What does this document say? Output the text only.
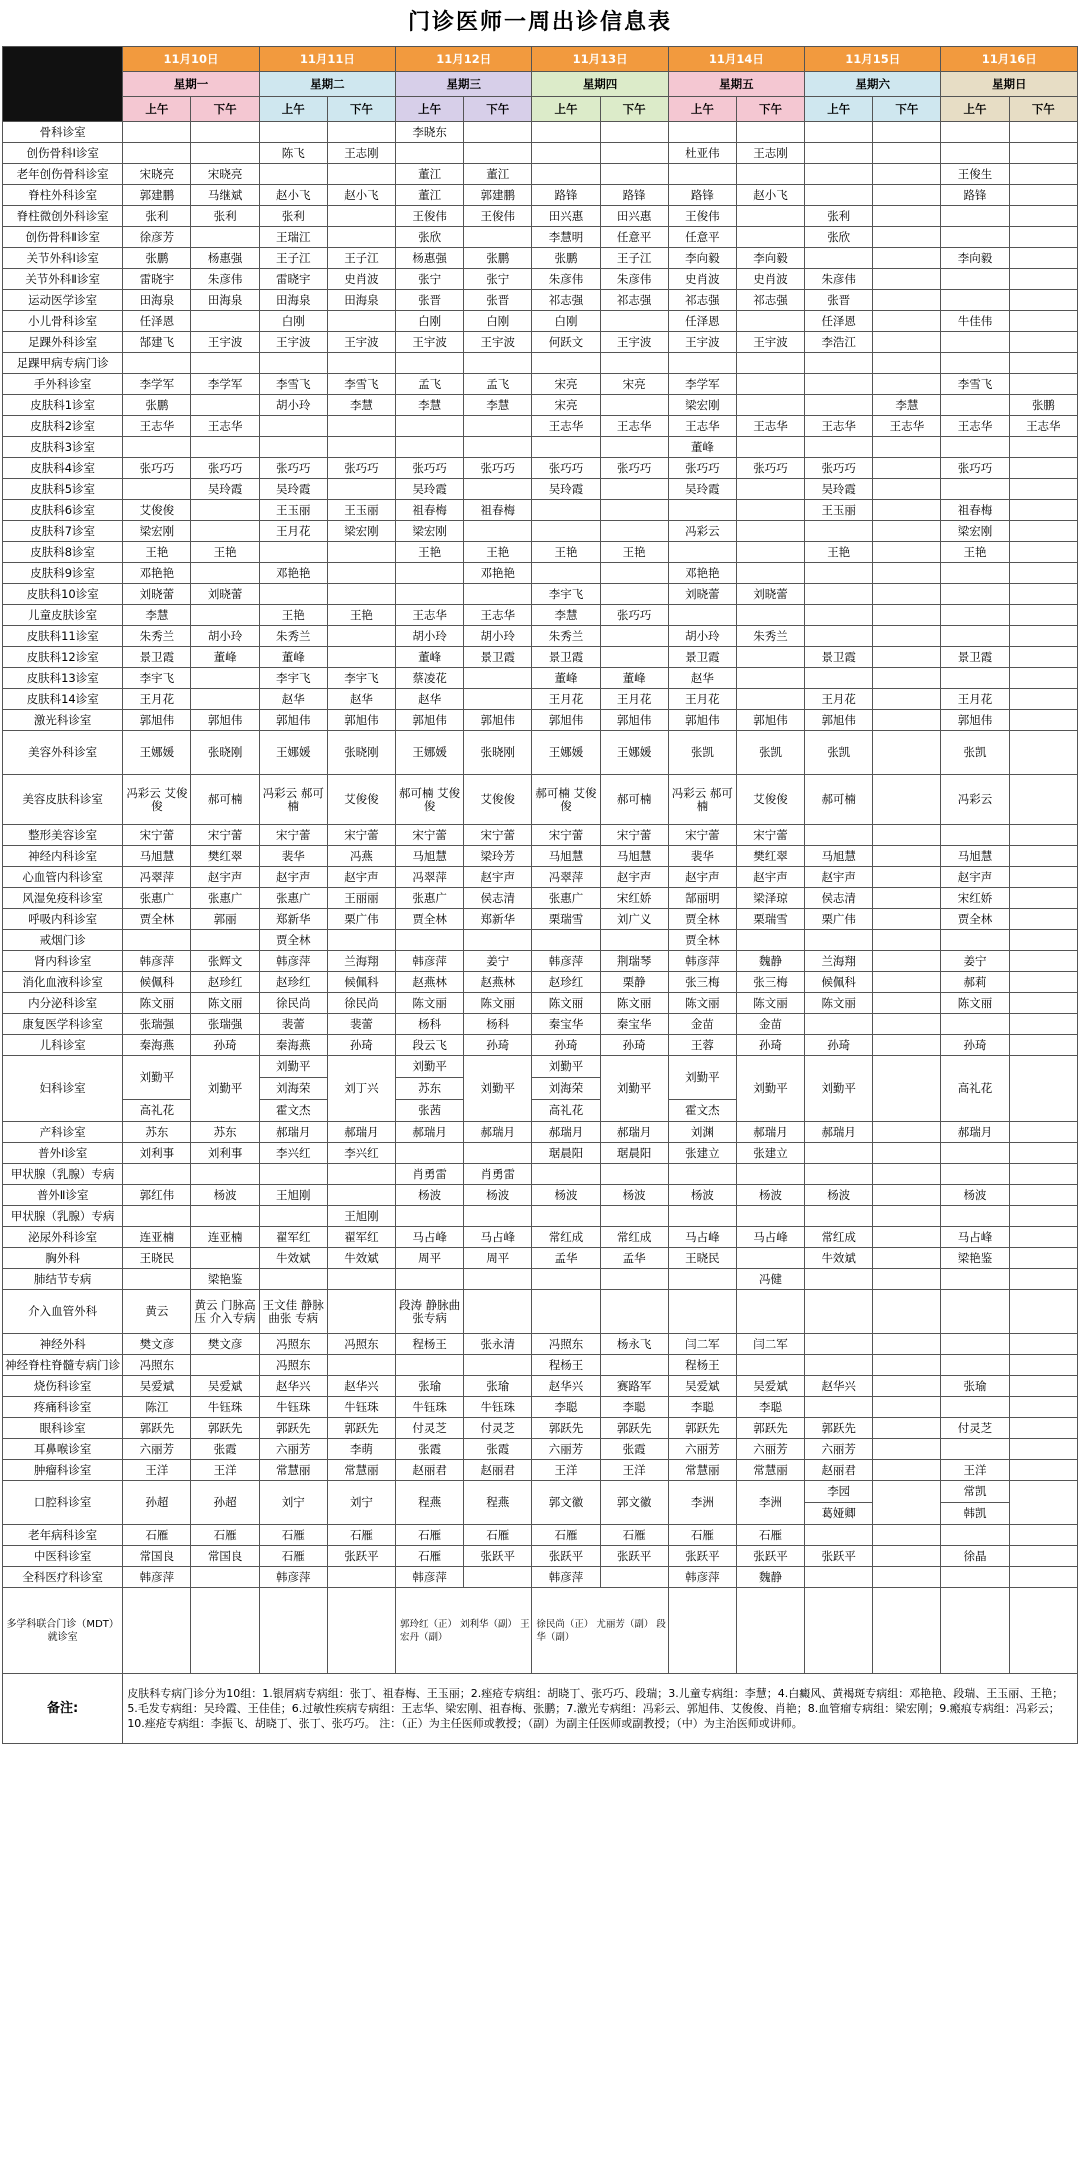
门诊医师一周出诊信息表
	11月10日		11月11日		11月12日		11月13日		11月14日		11月15日		11月16日	
	星期一		星期二		星期三		星期四		星期五		星期六		星期日	
	上午	下午	上午	下午	上午	下午	上午	下午	上午	下午	上午	下午	上午	下午
骨科诊室					李晓东									
创伤骨科Ⅰ诊室			陈飞	王志刚					杜亚伟	王志刚				
老年创伤骨科诊室	宋晓亮	宋晓亮			董江	董江							王俊生	
脊柱外科诊室	郭建鹏	马继斌	赵小飞	赵小飞	董江	郭建鹏	路锋	路锋	路锋	赵小飞			路锋	
脊柱微创外科诊室	张利	张利	张利		王俊伟	王俊伟	田兴惠	田兴惠	王俊伟		张利			
创伤骨科Ⅱ诊室	徐彦芳		王瑞江		张欣		李慧明	任意平	任意平		张欣			
关节外科Ⅰ诊室	张鹏	杨惠强	王子江	王子江	杨惠强	张鹏	张鹏	王子江	李向毅	李向毅			李向毅	
关节外科Ⅱ诊室	雷晓宇	朱彦伟	雷晓宇	史肖波	张宁	张宁	朱彦伟	朱彦伟	史肖波	史肖波	朱彦伟			
运动医学诊室	田海泉	田海泉	田海泉	田海泉	张晋	张晋	祁志强	祁志强	祁志强	祁志强	张晋			
小儿骨科诊室	任泽恩		白刚		白刚	白刚	白刚		任泽恩		任泽恩		牛佳伟	
足踝外科诊室	郜建飞	王宇波	王宇波	王宇波	王宇波	王宇波	何跃文	王宇波	王宇波	王宇波	李浩江			
足踝甲病专病门诊														
手外科诊室	李学军	李学军	李雪飞	李雪飞	孟飞	孟飞	宋亮	宋亮	李学军				李雪飞	
皮肤科1诊室	张鹏		胡小玲	李慧	李慧	李慧	宋亮		梁宏刚			李慧		张鹏
皮肤科2诊室	王志华	王志华					王志华	王志华	王志华	王志华	王志华	王志华	王志华	王志华
皮肤科3诊室									董峰					
皮肤科4诊室	张巧巧	张巧巧	张巧巧	张巧巧	张巧巧	张巧巧	张巧巧	张巧巧	张巧巧	张巧巧	张巧巧		张巧巧	
皮肤科5诊室		吴玲霞	吴玲霞		吴玲霞		吴玲霞		吴玲霞		吴玲霞			
皮肤科6诊室	艾俊俊		王玉丽	王玉丽	祖春梅	祖春梅					王玉丽		祖春梅	
皮肤科7诊室	梁宏刚		王月花	梁宏刚	梁宏刚				冯彩云				梁宏刚	
皮肤科8诊室	王艳	王艳			王艳	王艳	王艳	王艳			王艳		王艳	
皮肤科9诊室	邓艳艳		邓艳艳			邓艳艳			邓艳艳					
皮肤科10诊室	刘晓蕾	刘晓蕾					李宇飞		刘晓蕾	刘晓蕾				
儿童皮肤诊室	李慧		王艳	王艳	王志华	王志华	李慧	张巧巧						
皮肤科11诊室	朱秀兰	胡小玲	朱秀兰		胡小玲	胡小玲	朱秀兰		胡小玲	朱秀兰				
皮肤科12诊室	景卫霞	董峰	董峰		董峰	景卫霞	景卫霞		景卫霞		景卫霞		景卫霞	
皮肤科13诊室	李宇飞		李宇飞	李宇飞	蔡凌花		董峰	董峰	赵华					
皮肤科14诊室	王月花		赵华	赵华	赵华		王月花	王月花	王月花		王月花		王月花	
激光科诊室	郭旭伟	郭旭伟	郭旭伟	郭旭伟	郭旭伟	郭旭伟	郭旭伟	郭旭伟	郭旭伟	郭旭伟	郭旭伟		郭旭伟	
美容外科诊室	王娜媛	张晓刚	王娜媛	张晓刚	王娜媛	张晓刚	王娜媛	王娜媛	张凯	张凯	张凯		张凯	
美容皮肤科诊室	冯彩云 艾俊俊	郝可楠	冯彩云 郝可楠	艾俊俊	郝可楠 艾俊俊	艾俊俊	郝可楠 艾俊俊	郝可楠	冯彩云 郝可楠	艾俊俊	郝可楠		冯彩云	
整形美容诊室	宋宁蕾	宋宁蕾	宋宁蕾	宋宁蕾	宋宁蕾	宋宁蕾	宋宁蕾	宋宁蕾	宋宁蕾	宋宁蕾				
神经内科诊室	马旭慧	樊红翠	裴华	冯燕	马旭慧	梁玲芳	马旭慧	马旭慧	裴华	樊红翠	马旭慧		马旭慧	
心血管内科诊室	冯翠萍	赵宇声	赵宇声	赵宇声	冯翠萍	赵宇声	冯翠萍	赵宇声	赵宇声	赵宇声	赵宇声		赵宇声	
风湿免疫科诊室	张惠广	张惠广	张惠广	王丽丽	张惠广	侯志清	张惠广	宋红娇	郜丽明	梁泽琼	侯志清		宋红娇	
呼吸内科诊室	贾全林	郭丽	郑新华	栗广伟	贾全林	郑新华	栗瑞雪	刘广义	贾全林	栗瑞雪	栗广伟		贾全林	
戒烟门诊			贾全林						贾全林					
肾内科诊室	韩彦萍	张辉文	韩彦萍	兰海翔	韩彦萍	姜宁	韩彦萍	荆瑞琴	韩彦萍	魏静	兰海翔		姜宁	
消化血液科诊室	候佩科	赵珍红	赵珍红	候佩科	赵燕林	赵燕林	赵珍红	栗静	张三梅	张三梅	候佩科		郝莉	
内分泌科诊室	陈文丽	陈文丽	徐民尚	徐民尚	陈文丽	陈文丽	陈文丽	陈文丽	陈文丽	陈文丽	陈文丽		陈文丽	
康复医学科诊室	张瑞强	张瑞强	裴蕾	裴蕾	杨科	杨科	秦宝华	秦宝华	金苗	金苗				
儿科诊室	秦海燕	孙琦	秦海燕	孙琦	段云飞	孙琦	孙琦	孙琦	王蓉	孙琦	孙琦		孙琦	
妇科诊室	刘勤平	刘勤平	刘勤平	刘丁兴	刘勤平	刘勤平	刘勤平	刘勤平	刘勤平	刘勤平	刘勤平		高礼花	
			刘海荣		苏东		刘海荣							
	高礼花		霍文杰		张茜		高礼花		霍文杰					
产科诊室	苏东	苏东	郝瑞月	郝瑞月	郝瑞月	郝瑞月	郝瑞月	郝瑞月	刘渊	郝瑞月	郝瑞月		郝瑞月	
普外Ⅰ诊室	刘利事	刘利事	李兴红	李兴红			琚晨阳	琚晨阳	张建立	张建立				
甲状腺（乳腺）专病					肖勇雷	肖勇雷								
普外Ⅱ诊室	郭红伟	杨波	王旭刚		杨波	杨波	杨波	杨波	杨波	杨波	杨波		杨波	
甲状腺（乳腺）专病				王旭刚										
泌尿外科诊室	连亚楠	连亚楠	翟军红	翟军红	马占峰	马占峰	常红成	常红成	马占峰	马占峰	常红成		马占峰	
胸外科	王晓民		牛效斌	牛效斌	周平	周平	孟华	孟华	王晓民		牛效斌		梁艳鉴	
肺结节专病		梁艳鉴								冯健				
介入血管外科	黄云	黄云 门脉高压 介入专病	王文佳 静脉曲张 专病		段涛 静脉曲张专病									
神经外科	樊文彦	樊文彦	冯照东	冯照东	程杨王	张永清	冯照东	杨永飞	闫二军	闫二军				
神经脊柱脊髓专病门诊	冯照东		冯照东				程杨王		程杨王					
烧伤科诊室	吴爱斌	吴爱斌	赵华兴	赵华兴	张瑜	张瑜	赵华兴	赛路军	吴爱斌	吴爱斌	赵华兴		张瑜	
疼痛科诊室	陈江	牛钰珠	牛钰珠	牛钰珠	牛钰珠	牛钰珠	李聪	李聪	李聪	李聪				
眼科诊室	郭跃先	郭跃先	郭跃先	郭跃先	付灵芝	付灵芝	郭跃先	郭跃先	郭跃先	郭跃先	郭跃先		付灵芝	
耳鼻喉诊室	六丽芳	张霞	六丽芳	李萌	张霞	张霞	六丽芳	张霞	六丽芳	六丽芳	六丽芳			
肿瘤科诊室	王洋	王洋	常慧丽	常慧丽	赵丽君	赵丽君	王洋	王洋	常慧丽	常慧丽	赵丽君		王洋	
口腔科诊室	孙超	孙超	刘宁	刘宁	程燕	程燕	郭文徽	郭文徽	李洲	李洲	李园		常凯	
											葛娅卿		韩凯	
老年病科诊室	石雁	石雁	石雁	石雁	石雁	石雁	石雁	石雁	石雁	石雁				
中医科诊室	常国良	常国良	石雁	张跃平	石雁	张跃平	张跃平	张跃平	张跃平	张跃平	张跃平		徐晶	
全科医疗科诊室	韩彦萍		韩彦萍		韩彦萍		韩彦萍		韩彦萍	魏静				
多学科联合门诊（MDT）就诊室					郭玲红（正） 刘利华（副） 王宏丹（副）		徐民尚（正） 尤丽芳（副） 段华（副）							
备注:	皮肤科专病门诊分为10组：1.银屑病专病组：张丁、祖春梅、王玉丽；2.痤疮专病组：胡晓丁、张巧巧、段瑞；3.儿童专病组：李慧；4.白癜风、黄褐斑专病组：邓艳艳、段瑞、王玉丽、王艳；5.毛发专病组：吴玲霞、王佳佳；6.过敏性疾病专病组：王志华、梁宏刚、祖春梅、张鹏；7.激光专病组：冯彩云、郭旭伟、艾俊俊、肖艳；8.血管瘤专病组：梁宏刚；9.瘢痕专病组：冯彩云；10.痤疮专病组：李振飞、胡晓丁、张丁、张巧巧。 注：（正）为主任医师或教授；（副）为副主任医师或副教授；（中）为主治医师或讲师。													
